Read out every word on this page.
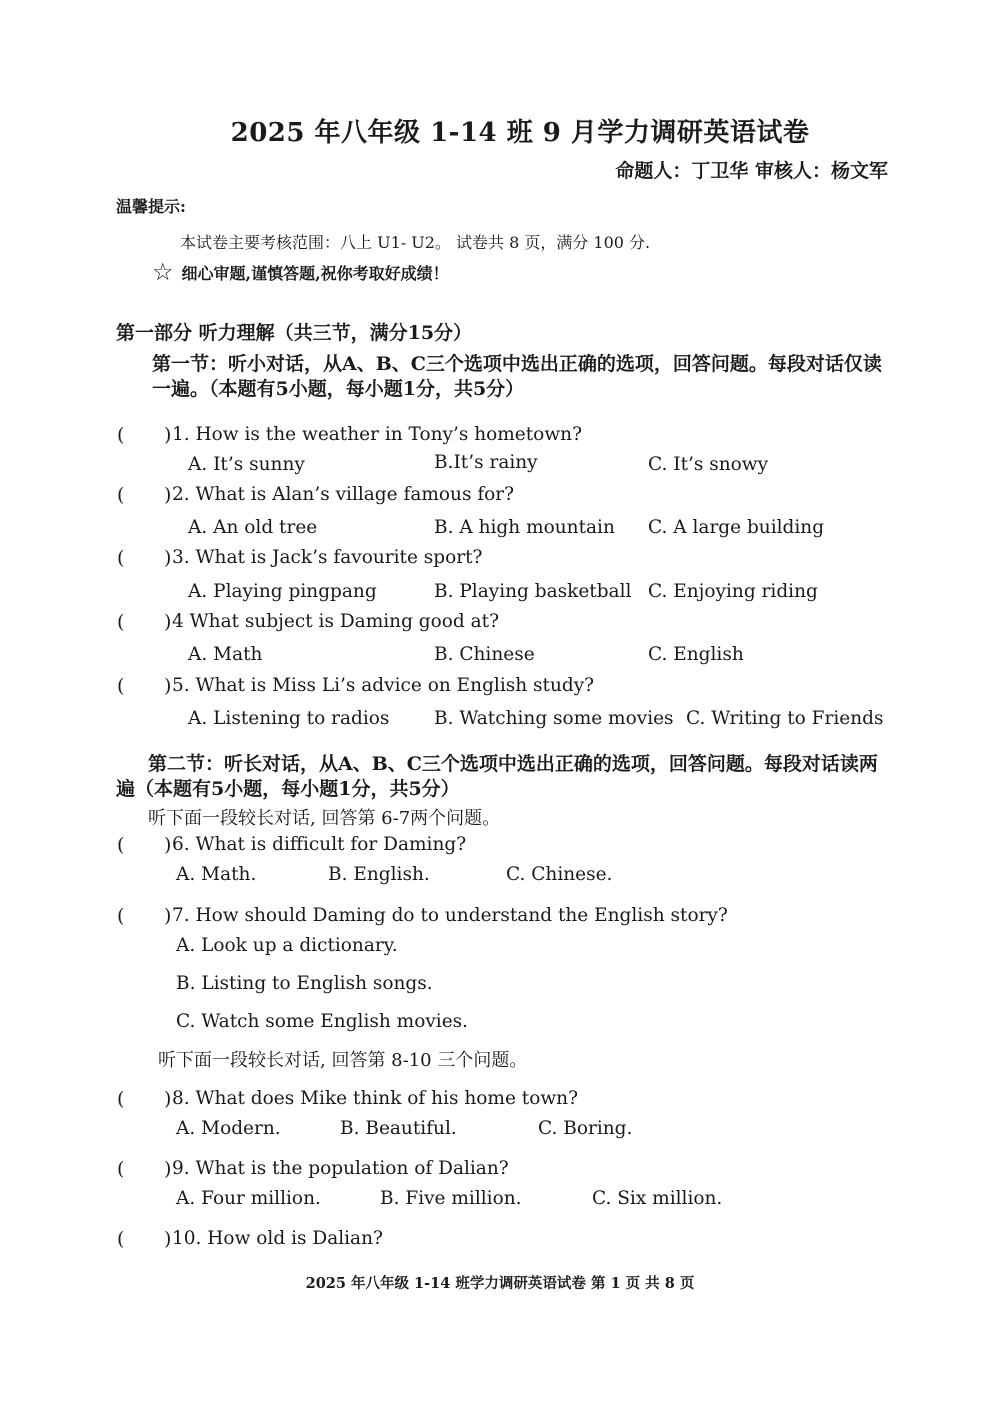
2025 年八年级 1-14 班 9 月学力调研英语试卷
命题人：丁卫华 审核人：杨文军
温馨提示:
本试卷主要考核范围：八上 U1- U2。 试卷共 8 页，满分 100 分.
☆ 细心审题,谨慎答题,祝你考取好成绩！
第一部分 听力理解（共三节，满分15分）
第一节：听小对话，从A、B、C三个选项中选出正确的选项，回答问题。每段对话仅读一遍。（本题有5小题，每小题1分，共5分）
( ) 1. How is the weather in Tony’s hometown?
A. It’s sunny	B.It’s rainy	C. It’s snowy
( ) 2. What is Alan’s village famous for?
A. An old tree	B. A high mountain C. A large building
( ) 3. What is Jack’s favourite sport?
A. Playing pingpang	B. Playing basketball C. Enjoying riding
( ) 4 What subject is Daming good at?
A. Math	B. Chinese	C. English
( ) 5. What is Miss Li’s advice on English study?
A. Listening to radios B. Watching some movies C. Writing to Friends
第二节：听长对话，从A、B、C三个选项中选出正确的选项，回答问题。每段对话读两遍（本题有5小题，每小题1分，共5分）
听下面一段较长对话, 回答第 6-7两个问题。
( ) 6. What is difficult for Daming?
A. Math.	B. English.	C. Chinese.
( ) 7. How should Daming do to understand the English story?
A. Look up a dictionary.
B. Listing to English songs.
C. Watch some English movies.
听下面一段较长对话, 回答第 8-10 三个问题。
( ) 8. What does Mike think of his home town?
A. Modern.	B. Beautiful.	C. Boring.
( ) 9. What is the population of Dalian?
A. Four million.	B. Five million.	C. Six million.
( ) 10. How old is Dalian?
2025 年八年级 1-14 班学力调研英语试卷 第 1 页 共 8 页
